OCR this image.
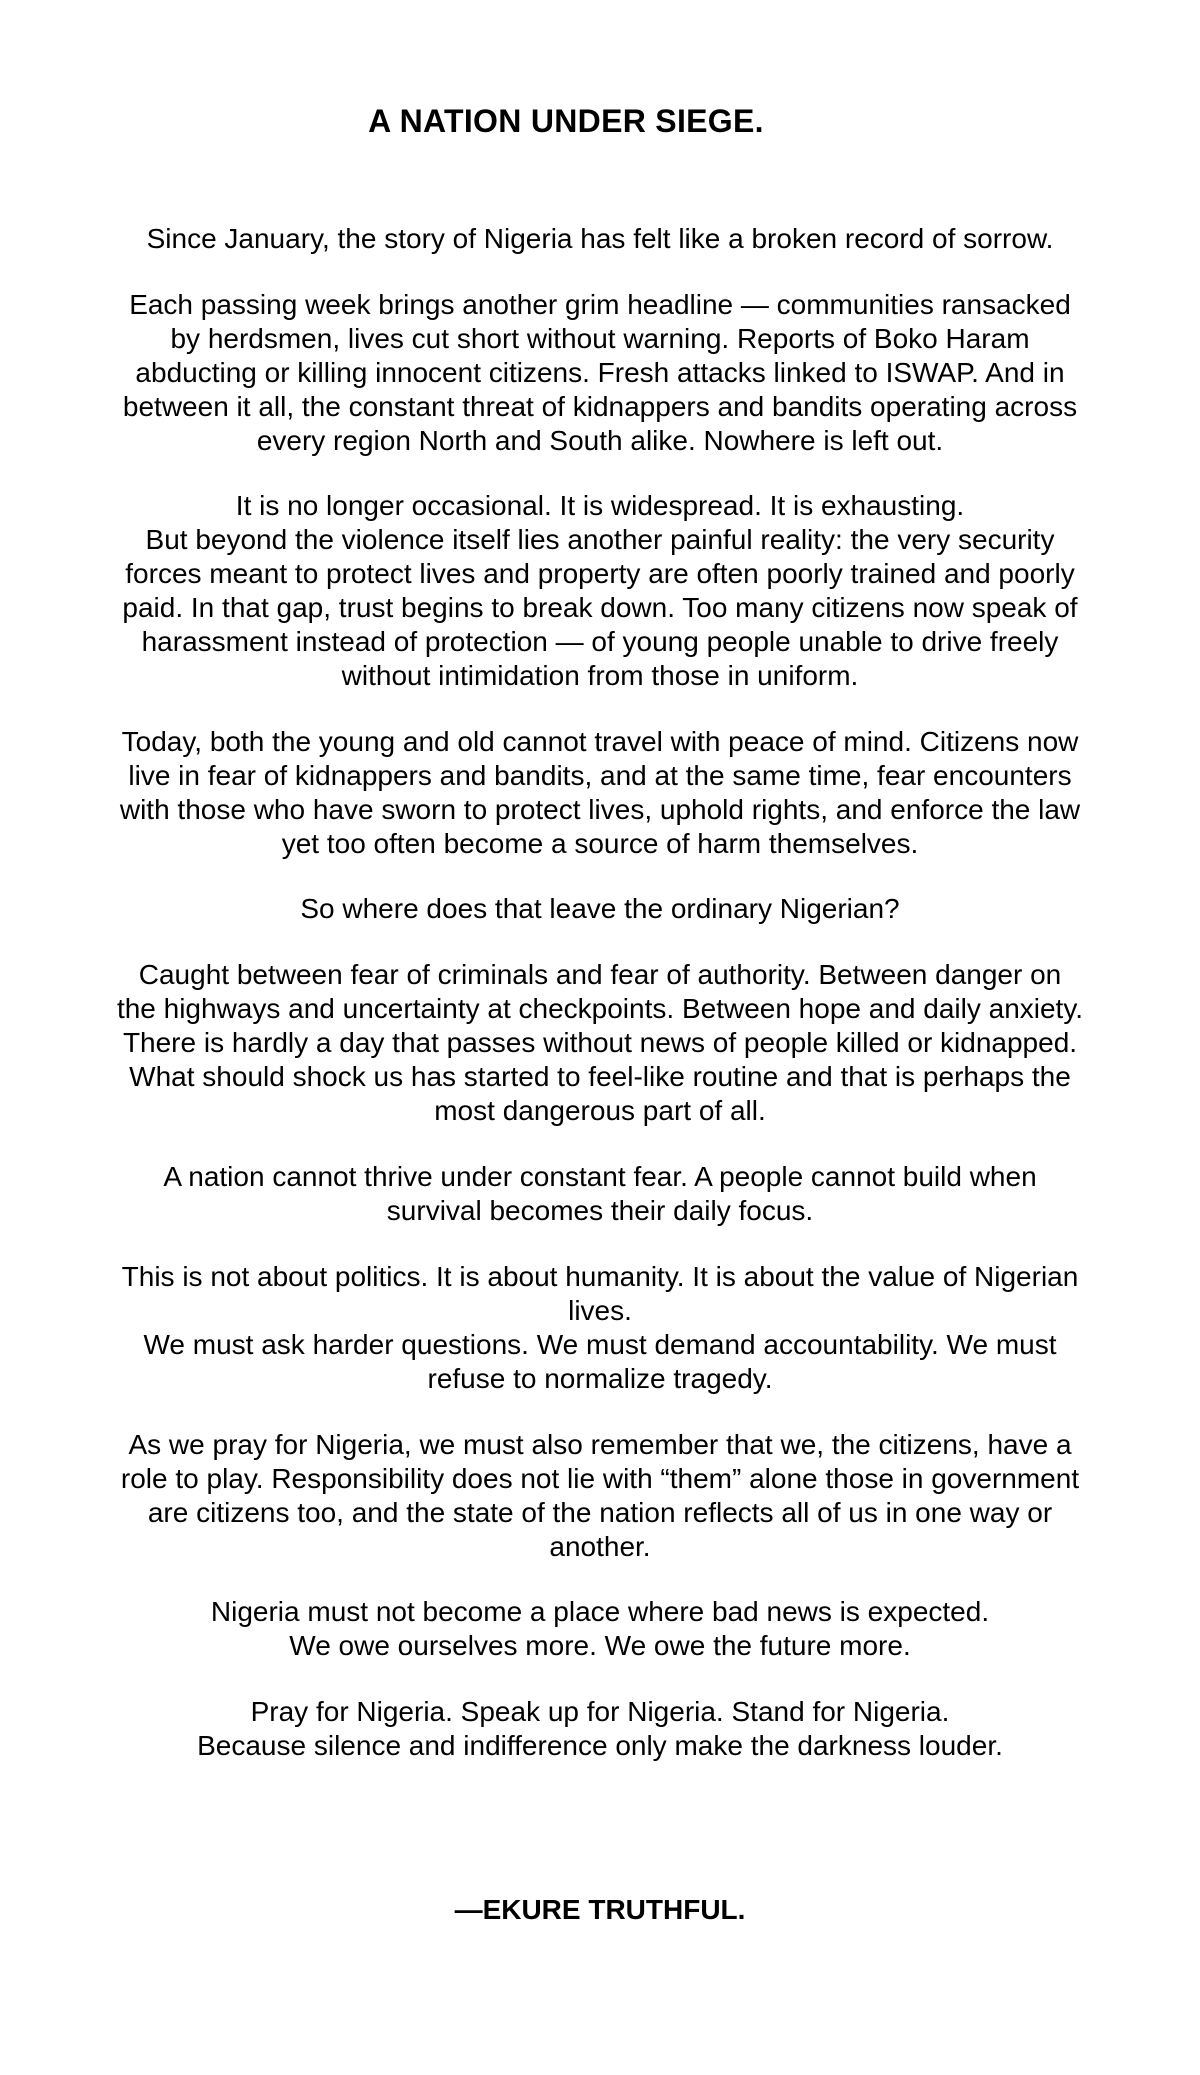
A NATION UNDER SIEGE.
Since January, the story of Nigeria has felt like a broken record of sorrow.
Each passing week brings another grim headline — communities ransacked
by herdsmen, lives cut short without warning. Reports of Boko Haram
abducting or killing innocent citizens. Fresh attacks linked to ISWAP. And in
between it all, the constant threat of kidnappers and bandits operating across
every region North and South alike. Nowhere is left out.
It is no longer occasional. It is widespread. It is exhausting.
But beyond the violence itself lies another painful reality: the very security
forces meant to protect lives and property are often poorly trained and poorly
paid. In that gap, trust begins to break down. Too many citizens now speak of
harassment instead of protection — of young people unable to drive freely
without intimidation from those in uniform.
Today, both the young and old cannot travel with peace of mind. Citizens now
live in fear of kidnappers and bandits, and at the same time, fear encounters
with those who have sworn to protect lives, uphold rights, and enforce the law
yet too often become a source of harm themselves.
So where does that leave the ordinary Nigerian?
Caught between fear of criminals and fear of authority. Between danger on
the highways and uncertainty at checkpoints. Between hope and daily anxiety.
There is hardly a day that passes without news of people killed or kidnapped.
What should shock us has started to feel-like routine and that is perhaps the
most dangerous part of all.
A nation cannot thrive under constant fear. A people cannot build when
survival becomes their daily focus.
This is not about politics. It is about humanity. It is about the value of Nigerian
lives.
We must ask harder questions. We must demand accountability. We must
refuse to normalize tragedy.
As we pray for Nigeria, we must also remember that we, the citizens, have a
role to play. Responsibility does not lie with “them” alone those in government
are citizens too, and the state of the nation reflects all of us in one way or
another.
Nigeria must not become a place where bad news is expected.
We owe ourselves more. We owe the future more.
Pray for Nigeria. Speak up for Nigeria. Stand for Nigeria.
Because silence and indifference only make the darkness louder.
—EKURE TRUTHFUL.
